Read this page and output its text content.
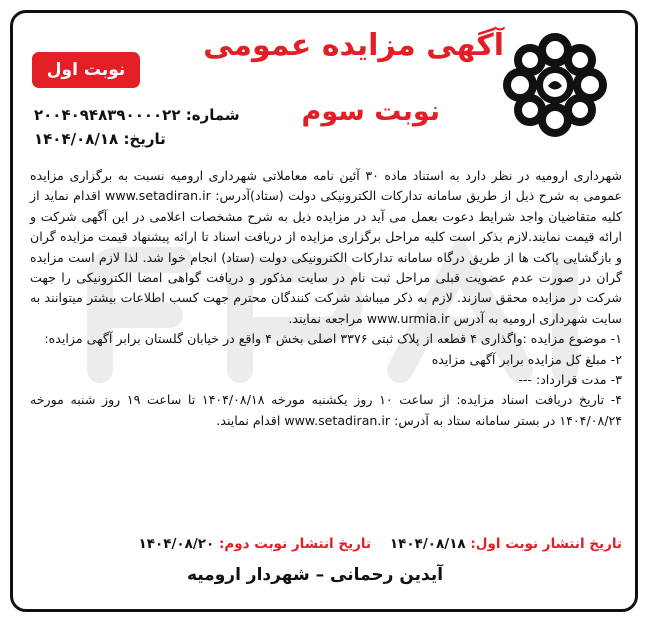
آگهی مزایده عمومی
نوبت سوم
نوبت اول
شماره: ۲۰۰۴۰۹۴۸۳۹۰۰۰۰۲۲
تاریخ: ۱۴۰۴/۰۸/۱۸

شهرداری ارومیه در نظر دارد به استناد ماده ۳۰ آئین نامه معاملاتی شهرداری ارومیه نسبت به برگزاری مزایده عمومی به شرح ذیل از طریق سامانه تدارکات الکترونیکی دولت (ستاد)آدرس: www.setadiran.ir اقدام نماید از کلیه متقاضیان واجد شرایط دعوت بعمل می آید در مزایده ذیل به شرح مشخصات اعلامی در این آگهی شرکت و ارائه قیمت نمایند.لازم بذکر است کلیه مراحل برگزاری مزایده از دریافت اسناد تا ارائه پیشنهاد قیمت مزایده گران و بازگشایی پاکت ها از طریق درگاه سامانه تدارکات الکترونیکی دولت (ستاد) انجام خوا شد. لذا لازم است مزایده گران در صورت عدم عضویت قبلی مراحل ثبت نام در سایت مذکور و دریافت گواهی امضا الکترونیکی را جهت شرکت در مزایده محقق سازند. لازم به ذکر میباشد شرکت کنندگان محترم جهت کسب اطلاعات بیشتر میتوانند به سایت شهرداری ارومیه به آدرس www.urmia.ir مراجعه نمایند.

۱- موضوع مزایده :واگذاری ۴ قطعه از پلاک ثبتی ۳۳۷۶ اصلی بخش ۴ واقع در خیابان گلستان برابر آگهی مزایده:

۲- مبلغ کل مزایده برابر آگهی مزایده

۳- مدت قرارداد: ---

۴- تاریخ دریافت اسناد مزایده: از ساعت ۱۰ روز یکشنبه مورخه ۱۴۰۴/۰۸/۱۸ تا ساعت ۱۹ روز شنبه مورخه ۱۴۰۴/۰۸/۲۴ در بستر سامانه ستاد به آدرس: www.setadiran.ir اقدام نمایند.

تاریخ انتشار نوبت اول: ۱۴۰۴/۰۸/۱۸    تاریخ انتشار نوبت دوم: ۱۴۰۴/۰۸/۲۰
آیدین رحمانی – شهردار ارومیه
